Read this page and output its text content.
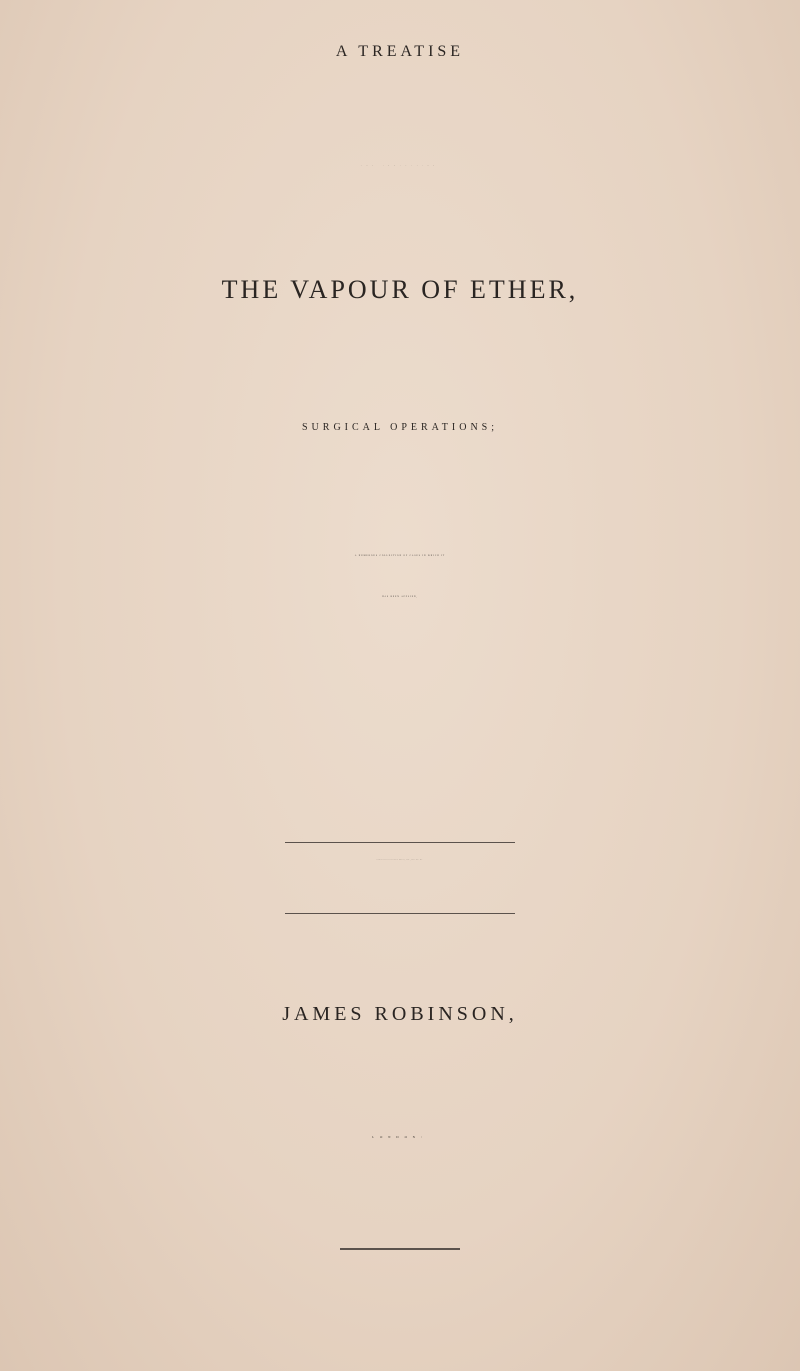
A TREATISE
THE INHALATION
THE VAPOUR OF ETHER,
SURGICAL OPERATIONS;
A NUMEROUS COLLECTION OF CASES IN WHICH IT
HAS BEEN APPLIED,
DEDICATED TO FRANCIS BOOTT, Esq., M.D. &c. &c.
JAMES ROBINSON,
LONDON:
